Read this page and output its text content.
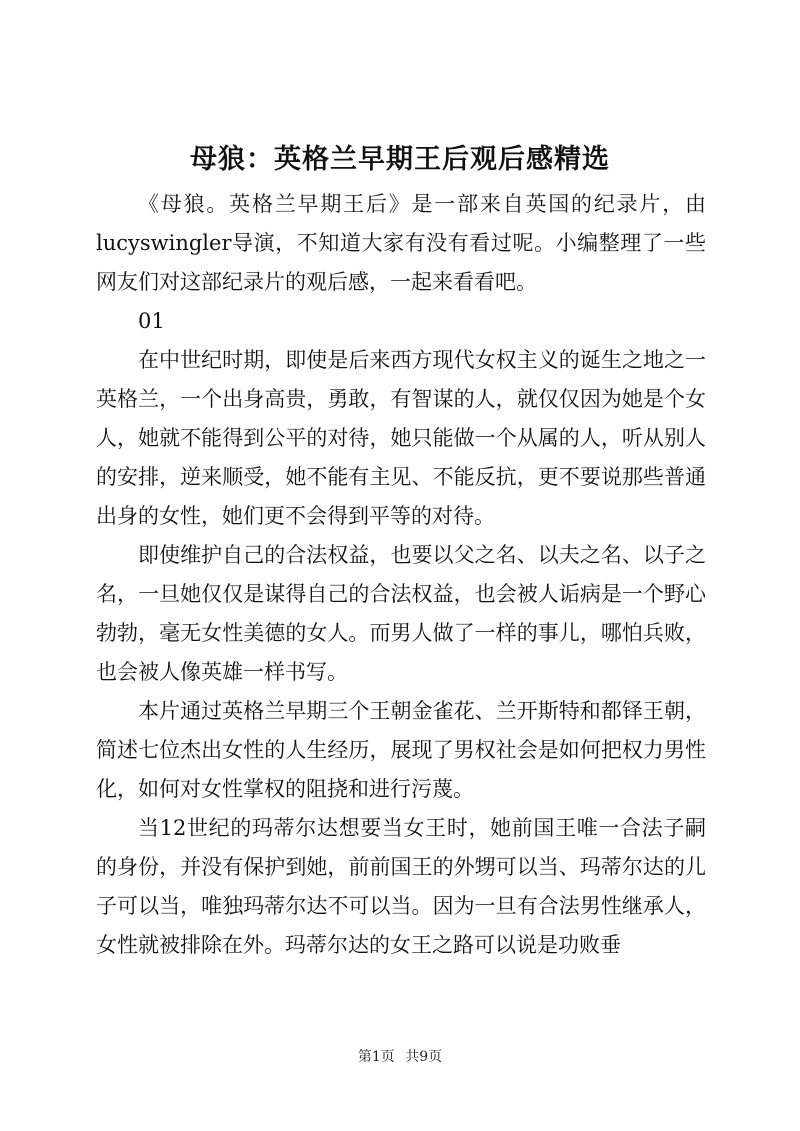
母狼：英格兰早期王后观后感精选

《母狼。英格兰早期王后》是一部来自英国的纪录片，由lucyswingler导演，不知道大家有没有看过呢。小编整理了一些网友们对这部纪录片的观后感，一起来看看吧。

01

在中世纪时期，即使是后来西方现代女权主义的诞生之地之一英格兰，一个出身高贵，勇敢，有智谋的人，就仅仅因为她是个女人，她就不能得到公平的对待，她只能做一个从属的人，听从别人的安排，逆来顺受，她不能有主见、不能反抗，更不要说那些普通出身的女性，她们更不会得到平等的对待。

即使维护自己的合法权益，也要以父之名、以夫之名、以子之名，一旦她仅仅是谋得自己的合法权益，也会被人诟病是一个野心勃勃，毫无女性美德的女人。而男人做了一样的事儿，哪怕兵败，也会被人像英雄一样书写。

本片通过英格兰早期三个王朝金雀花、兰开斯特和都铎王朝，简述七位杰出女性的人生经历，展现了男权社会是如何把权力男性化，如何对女性掌权的阻挠和进行污蔑。

当12世纪的玛蒂尔达想要当女王时，她前国王唯一合法子嗣的身份，并没有保护到她，前前国王的外甥可以当、玛蒂尔达的儿子可以当，唯独玛蒂尔达不可以当。因为一旦有合法男性继承人，女性就被排除在外。玛蒂尔达的女王之路可以说是功败垂

第1页 共9页
